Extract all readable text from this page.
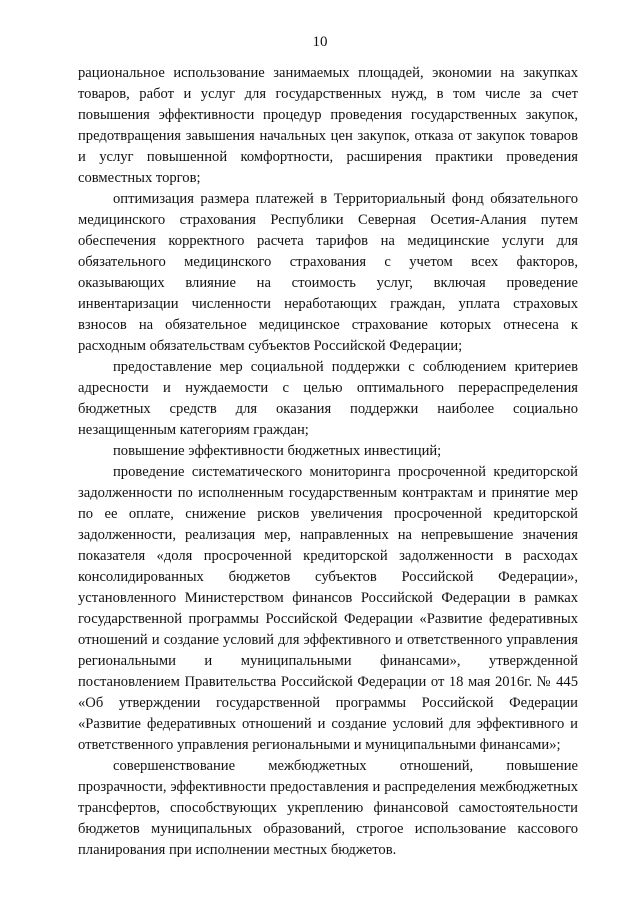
10

рациональное использование занимаемых площадей, экономии на закупках товаров, работ и услуг для государственных нужд, в том числе за счет повышения эффективности процедур проведения государственных закупок, предотвращения завышения начальных цен закупок, отказа от закупок товаров и услуг повышенной комфортности, расширения практики проведения совместных торгов;

оптимизация размера платежей в Территориальный фонд обязательного медицинского страхования Республики Северная Осетия-Алания путем обеспечения корректного расчета тарифов на медицинские услуги для обязательного медицинского страхования с учетом всех факторов, оказывающих влияние на стоимость услуг, включая проведение инвентаризации численности неработающих граждан, уплата страховых взносов на обязательное медицинское страхование которых отнесена к расходным обязательствам субъектов Российской Федерации;

предоставление мер социальной поддержки с соблюдением критериев адресности и нуждаемости с целью оптимального перераспределения бюджетных средств для оказания поддержки наиболее социально незащищенным категориям граждан;

повышение эффективности бюджетных инвестиций;

проведение систематического мониторинга просроченной кредиторской задолженности по исполненным государственным контрактам и принятие мер по ее оплате, снижение рисков увеличения просроченной кредиторской задолженности, реализация мер, направленных на непревышение значения показателя «доля просроченной кредиторской задолженности в расходах консолидированных бюджетов субъектов Российской Федерации», установленного Министерством финансов Российской Федерации в рамках государственной программы Российской Федерации «Развитие федеративных отношений и создание условий для эффективного и ответственного управления региональными и муниципальными финансами», утвержденной постановлением Правительства Российской Федерации от 18 мая 2016г. № 445 «Об утверждении государственной программы Российской Федерации «Развитие федеративных отношений и создание условий для эффективного и ответственного управления региональными и муниципальными финансами»;

совершенствование межбюджетных отношений, повышение прозрачности, эффективности предоставления и распределения межбюджетных трансфертов, способствующих укреплению финансовой самостоятельности бюджетов муниципальных образований, строгое использование кассового планирования при исполнении местных бюджетов.
